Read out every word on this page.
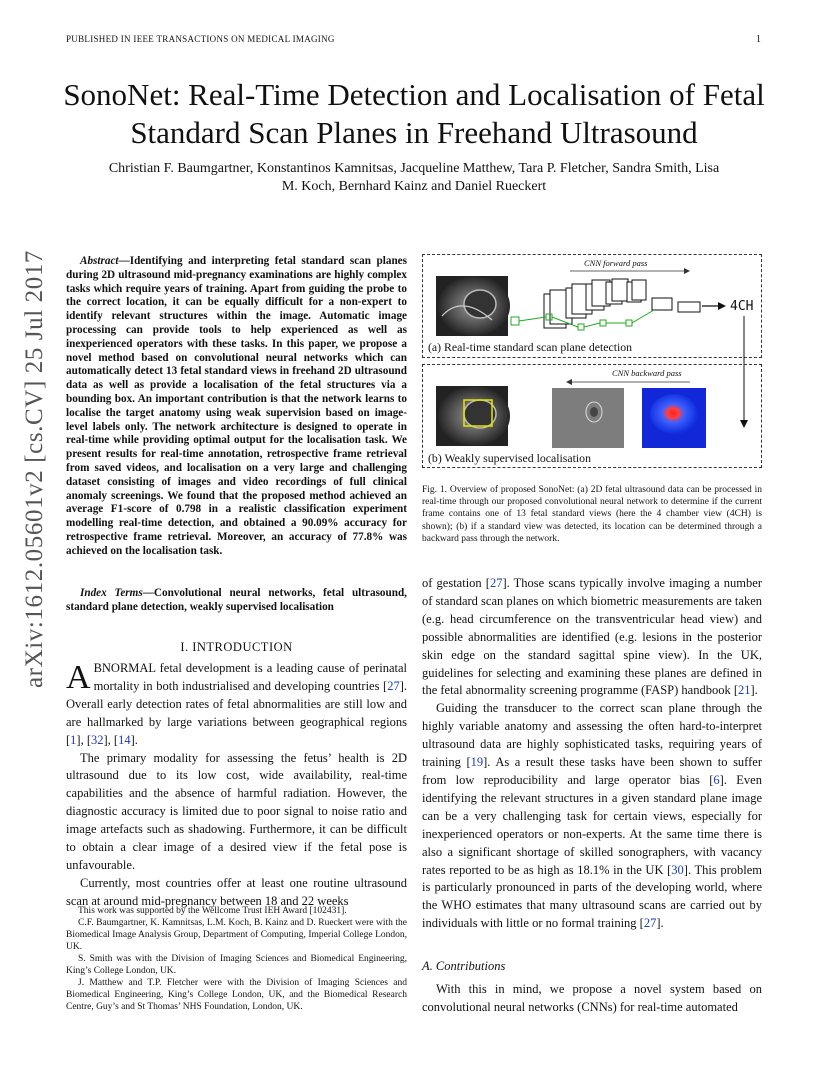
PUBLISHED IN IEEE TRANSACTIONS ON MEDICAL IMAGING	1
arXiv:1612.05601v2 [cs.CV] 25 Jul 2017
SonoNet: Real-Time Detection and Localisation of Fetal Standard Scan Planes in Freehand Ultrasound
Christian F. Baumgartner, Konstantinos Kamnitsas, Jacqueline Matthew, Tara P. Fletcher, Sandra Smith, Lisa M. Koch, Bernhard Kainz and Daniel Rueckert
Abstract—Identifying and interpreting fetal standard scan planes during 2D ultrasound mid-pregnancy examinations are highly complex tasks which require years of training. Apart from guiding the probe to the correct location, it can be equally difficult for a non-expert to identify relevant structures within the image. Automatic image processing can provide tools to help experienced as well as inexperienced operators with these tasks. In this paper, we propose a novel method based on convolutional neural networks which can automatically detect 13 fetal standard views in freehand 2D ultrasound data as well as provide a localisation of the fetal structures via a bounding box. An important contribution is that the network learns to localise the target anatomy using weak supervision based on image-level labels only. The network architecture is designed to operate in real-time while providing optimal output for the localisation task. We present results for real-time annotation, retrospective frame retrieval from saved videos, and localisation on a very large and challenging dataset consisting of images and video recordings of full clinical anomaly screenings. We found that the proposed method achieved an average F1-score of 0.798 in a realistic classification experiment modelling real-time detection, and obtained a 90.09% accuracy for retrospective frame retrieval. Moreover, an accuracy of 77.8% was achieved on the localisation task.
Index Terms—Convolutional neural networks, fetal ultrasound, standard plane detection, weakly supervised localisation
I. INTRODUCTION

ABNORMAL fetal development is a leading cause of perinatal mortality in both industrialised and developing countries [27]. Overall early detection rates of fetal abnormalities are still low and are hallmarked by large variations between geographical regions [1], [32], [14].

The primary modality for assessing the fetus’ health is 2D ultrasound due to its low cost, wide availability, real-time capabilities and the absence of harmful radiation. However, the diagnostic accuracy is limited due to poor signal to noise ratio and image artefacts such as shadowing. Furthermore, it can be difficult to obtain a clear image of a desired view if the fetal pose is unfavourable.

Currently, most countries offer at least one routine ultrasound scan at around mid-pregnancy between 18 and 22 weeks

This work was supported by the Wellcome Trust IEH Award [102431].

C.F. Baumgartner, K. Kamnitsas, L.M. Koch, B. Kainz and D. Rueckert were with the Biomedical Image Analysis Group, Department of Computing, Imperial College London, UK.

S. Smith was with the Division of Imaging Sciences and Biomedical Engineering, King’s College London, UK.

J. Matthew and T.P. Fletcher were with the Division of Imaging Sciences and Biomedical Engineering, King’s College London, UK, and the Biomedical Research Centre, Guy’s and St Thomas’ NHS Foundation, London, UK.

CNN forward pass
4CH
(a) Real-time standard scan plane detection
CNN backward pass
(b) Weakly supervised localisation
Fig. 1. Overview of proposed SonoNet: (a) 2D fetal ultrasound data can be processed in real-time through our proposed convolutional neural network to determine if the current frame contains one of 13 fetal standard views (here the 4 chamber view (4CH) is shown); (b) if a standard view was detected, its location can be determined through a backward pass through the network.

of gestation [27]. Those scans typically involve imaging a number of standard scan planes on which biometric measurements are taken (e.g. head circumference on the transventricular head view) and possible abnormalities are identified (e.g. lesions in the posterior skin edge on the standard sagittal spine view). In the UK, guidelines for selecting and examining these planes are defined in the fetal abnormality screening programme (FASP) handbook [21].

Guiding the transducer to the correct scan plane through the highly variable anatomy and assessing the often hard-to-interpret ultrasound data are highly sophisticated tasks, requiring years of training [19]. As a result these tasks have been shown to suffer from low reproducibility and large operator bias [6]. Even identifying the relevant structures in a given standard plane image can be a very challenging task for certain views, especially for inexperienced operators or non-experts. At the same time there is also a significant shortage of skilled sonographers, with vacancy rates reported to be as high as 18.1% in the UK [30]. This problem is particularly pronounced in parts of the developing world, where the WHO estimates that many ultrasound scans are carried out by individuals with little or no formal training [27].

A. Contributions

With this in mind, we propose a novel system based on convolutional neural networks (CNNs) for real-time automated
